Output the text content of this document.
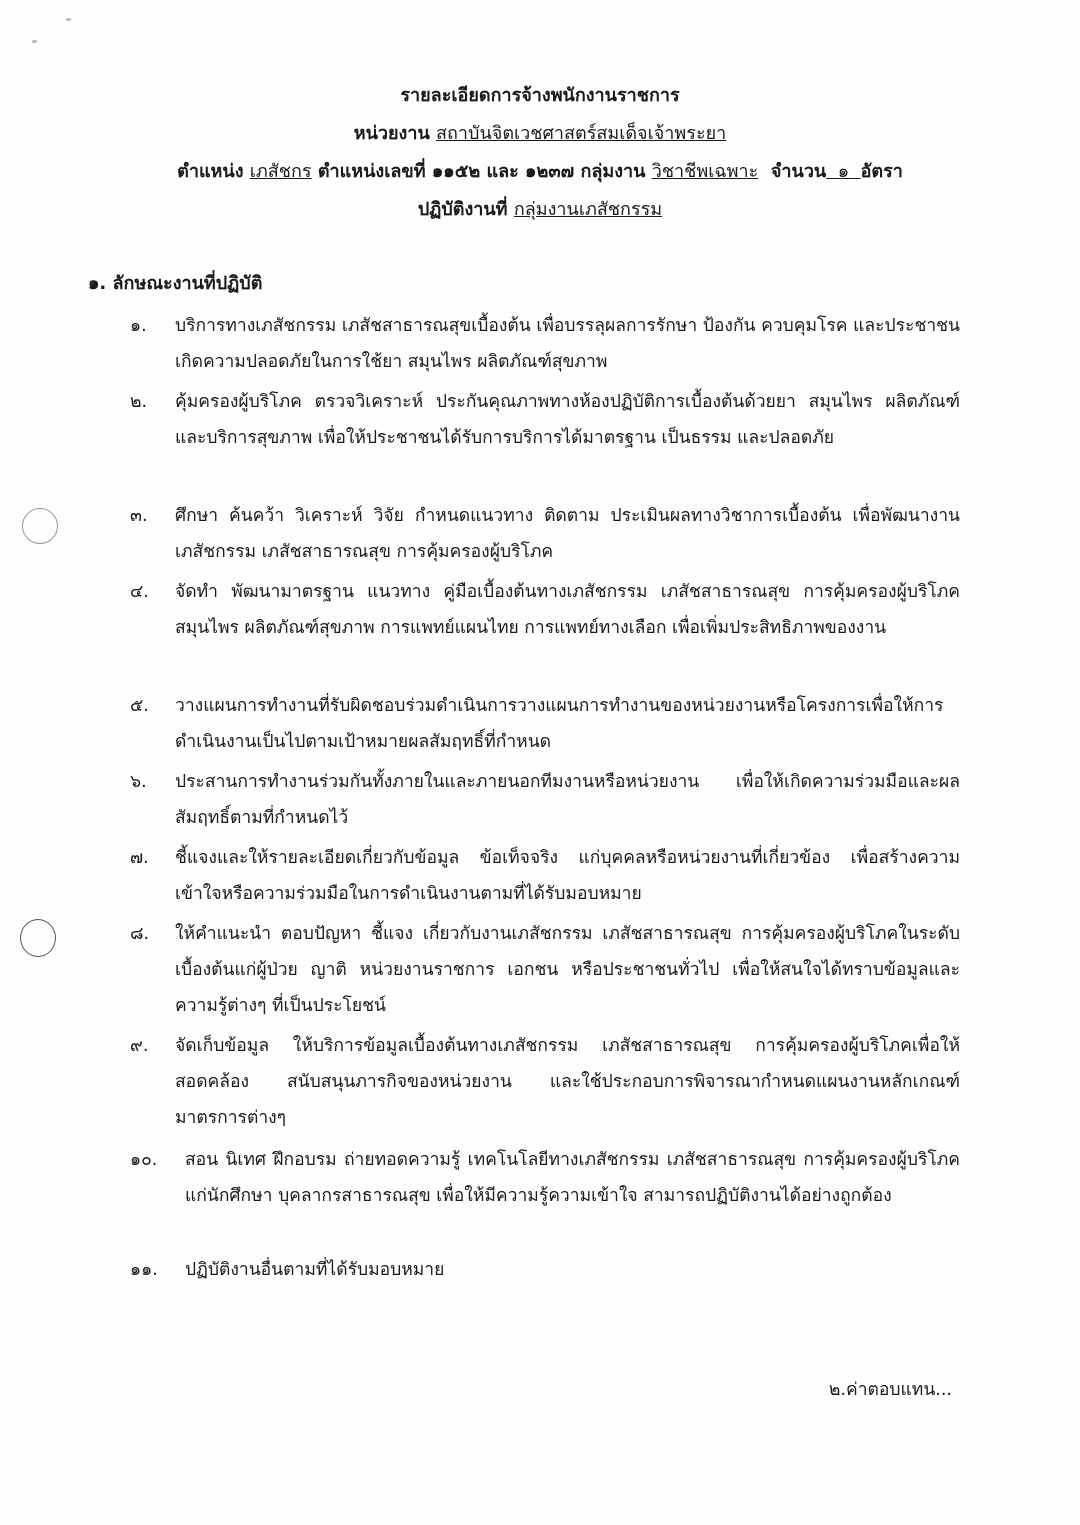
รายละเอียดการจ้างพนักงานราชการ
หน่วยงาน สถาบันจิตเวชศาสตร์สมเด็จเจ้าพระยา
ตำแหน่ง เภสัชกร ตำแหน่งเลขที่ ๑๑๕๒ และ ๑๒๓๗ กลุ่มงาน วิชาชีพเฉพาะ จำนวน ๑ อัตรา
ปฏิบัติงานที่ กลุ่มงานเภสัชกรรม
๑. ลักษณะงานที่ปฏิบัติ
๑. บริการทางเภสัชกรรม เภสัชสาธารณสุขเบื้องต้น เพื่อบรรลุผลการรักษา ป้องกัน ควบคุมโรค และประชาชนเกิดความปลอดภัยในการใช้ยา สมุนไพร ผลิตภัณฑ์สุขภาพ
๒. คุ้มครองผู้บริโภค ตรวจวิเคราะห์ ประกันคุณภาพทางห้องปฏิบัติการเบื้องต้นด้วยยา สมุนไพร ผลิตภัณฑ์และบริการสุขภาพ เพื่อให้ประชาชนได้รับการบริการได้มาตรฐาน เป็นธรรม และปลอดภัย
๓. ศึกษา ค้นคว้า วิเคราะห์ วิจัย กำหนดแนวทาง ติดตาม ประเมินผลทางวิชาการเบื้องต้น เพื่อพัฒนางานเภสัชกรรม เภสัชสาธารณสุข การคุ้มครองผู้บริโภค
๔. จัดทำ พัฒนามาตรฐาน แนวทาง คู่มือเบื้องต้นทางเภสัชกรรม เภสัชสาธารณสุข การคุ้มครองผู้บริโภค สมุนไพร ผลิตภัณฑ์สุขภาพ การแพทย์แผนไทย การแพทย์ทางเลือก เพื่อเพิ่มประสิทธิภาพของงาน
๕. วางแผนการทำงานที่รับผิดชอบร่วมดำเนินการวางแผนการทำงานของหน่วยงานหรือโครงการเพื่อให้การดำเนินงานเป็นไปตามเป้าหมายผลสัมฤทธิ์ที่กำหนด
๖. ประสานการทำงานร่วมกันทั้งภายในและภายนอกทีมงานหรือหน่วยงาน เพื่อให้เกิดความร่วมมือและผลสัมฤทธิ์ตามที่กำหนดไว้
๗. ชี้แจงและให้รายละเอียดเกี่ยวกับข้อมูล ข้อเท็จจริง แก่บุคคลหรือหน่วยงานที่เกี่ยวข้อง เพื่อสร้างความเข้าใจหรือความร่วมมือในการดำเนินงานตามที่ได้รับมอบหมาย
๘. ให้คำแนะนำ ตอบปัญหา ชี้แจง เกี่ยวกับงานเภสัชกรรม เภสัชสาธารณสุข การคุ้มครองผู้บริโภคในระดับเบื้องต้นแก่ผู้ป่วย ญาติ หน่วยงานราชการ เอกชน หรือประชาชนทั่วไป เพื่อให้สนใจได้ทราบข้อมูลและความรู้ต่างๆ ที่เป็นประโยชน์
๙. จัดเก็บข้อมูล ให้บริการข้อมูลเบื้องต้นทางเภสัชกรรม เภสัชสาธารณสุข การคุ้มครองผู้บริโภคเพื่อให้สอดคล้อง สนับสนุนภารกิจของหน่วยงาน และใช้ประกอบการพิจารณากำหนดแผนงานหลักเกณฑ์มาตรการต่างๆ
๑๐. สอน นิเทศ ฝึกอบรม ถ่ายทอดความรู้ เทคโนโลยีทางเภสัชกรรม เภสัชสาธารณสุข การคุ้มครองผู้บริโภคแก่นักศึกษา บุคลากรสาธารณสุข เพื่อให้มีความรู้ความเข้าใจ สามารถปฏิบัติงานได้อย่างถูกต้อง
๑๑. ปฏิบัติงานอื่นตามที่ได้รับมอบหมาย
๒.ค่าตอบแทน...
